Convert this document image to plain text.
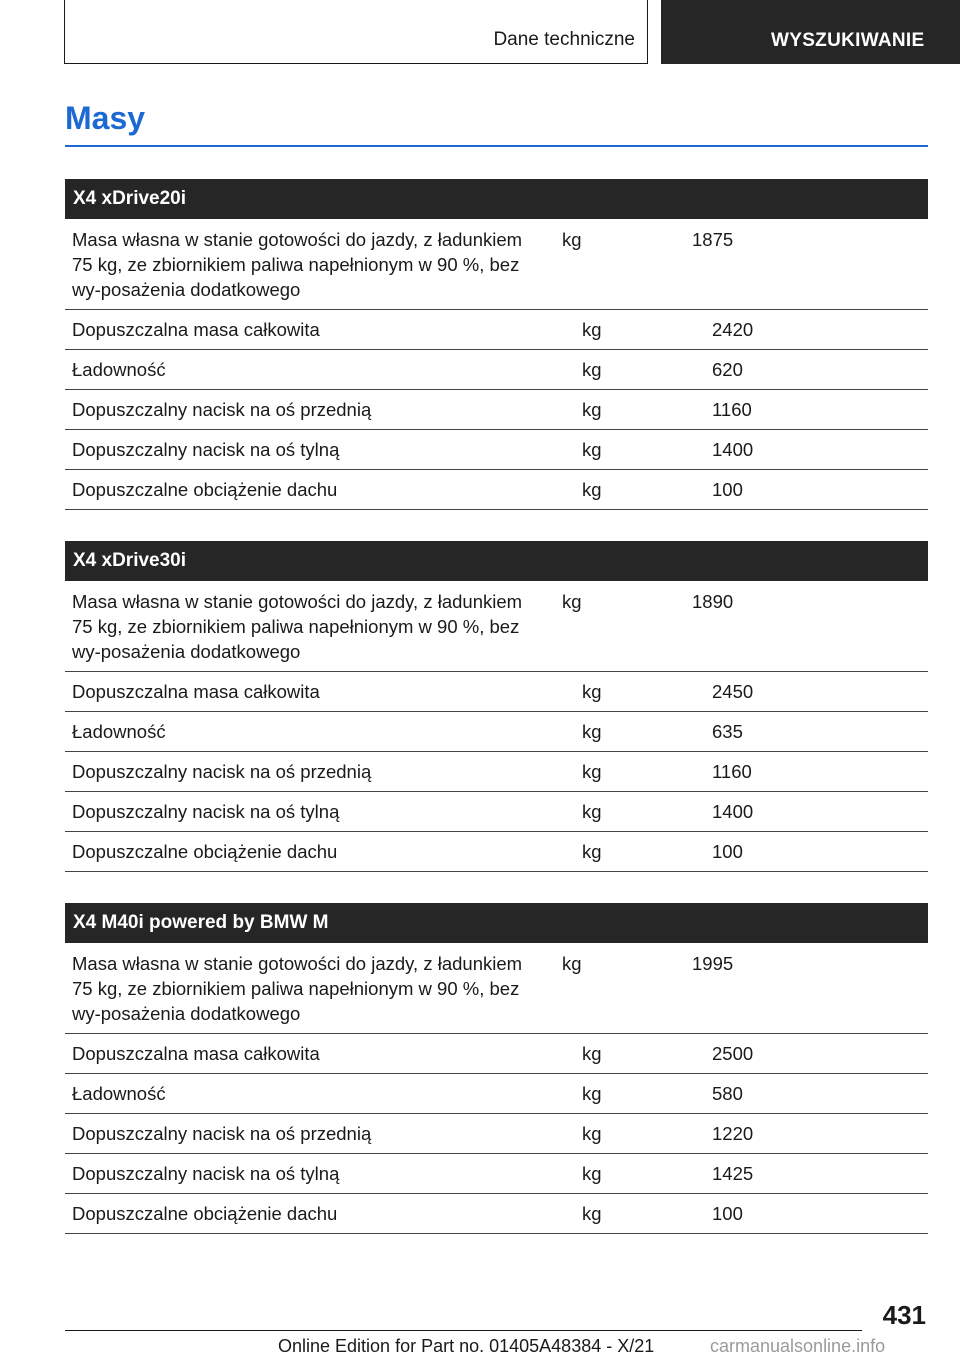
Dane techniczne	WYSZUKIWANIE
Masy
X4 xDrive20i
Masa własna w stanie gotowości do jazdy, z ładunkiem 75 kg, ze zbiornikiem paliwa napełnionym w 90 %, bez wy-posażenia dodatkowego
kg	1875
Dopuszczalna masa całkowita	kg	2420
Ładowność	kg	620
Dopuszczalny nacisk na oś przednią	kg	1160
Dopuszczalny nacisk na oś tylną	kg	1400
Dopuszczalne obciążenie dachu	kg	100
X4 xDrive30i
Masa własna w stanie gotowości do jazdy, z ładunkiem 75 kg, ze zbiornikiem paliwa napełnionym w 90 %, bez wy-posażenia dodatkowego
kg	1890
Dopuszczalna masa całkowita	kg	2450
Ładowność	kg	635
Dopuszczalny nacisk na oś przednią	kg	1160
Dopuszczalny nacisk na oś tylną	kg	1400
Dopuszczalne obciążenie dachu	kg	100
X4 M40i powered by BMW M
Masa własna w stanie gotowości do jazdy, z ładunkiem 75 kg, ze zbiornikiem paliwa napełnionym w 90 %, bez wy-posażenia dodatkowego
kg	1995
Dopuszczalna masa całkowita	kg	2500
Ładowność	kg	580
Dopuszczalny nacisk na oś przednią	kg	1220
Dopuszczalny nacisk na oś tylną	kg	1425
Dopuszczalne obciążenie dachu	kg	100
431
Online Edition for Part no. 01405A48384 - X/21	carmanualsonline.info
